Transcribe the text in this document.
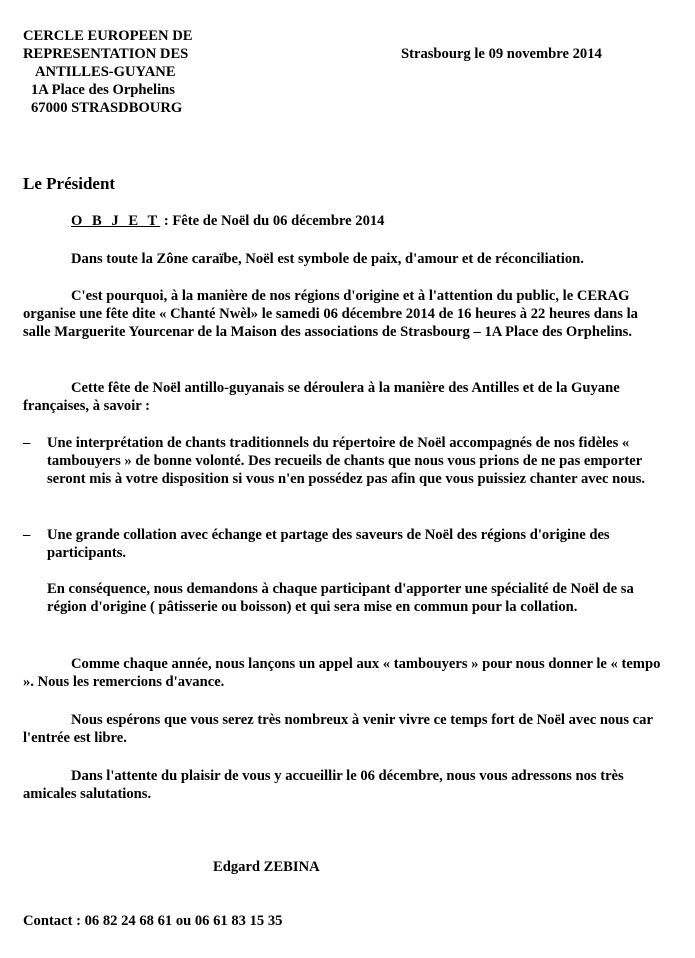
CERCLE EUROPEEN DE
REPRESENTATION DES
ANTILLES-GUYANE
1A Place des Orphelins
67000 STRASDBOURG
Strasbourg le 09 novembre 2014
Le Président
O B J E T : Fête de Noël du 06 décembre 2014
Dans toute la Zône caraïbe, Noël est symbole de paix, d'amour et de réconciliation.
C'est pourquoi, à la manière de nos régions d'origine et à l'attention du public, le CERAG organise une fête dite « Chanté Nwèl» le samedi 06 décembre 2014 de 16 heures à 22 heures dans la salle Marguerite Yourcenar de la Maison des associations de Strasbourg – 1A Place des Orphelins.
Cette fête de Noël antillo-guyanais se déroulera à la manière des Antilles et de la Guyane françaises, à savoir :
– Une interprétation de chants traditionnels du répertoire de Noël accompagnés de nos fidèles « tambouyers » de bonne volonté. Des recueils de chants que nous vous prions de ne pas emporter seront mis à votre disposition si vous n'en possédez pas afin que vous puissiez chanter avec nous.
– Une grande collation avec échange et partage des saveurs de Noël des régions d'origine des participants.
En conséquence, nous demandons à chaque participant d'apporter une spécialité de Noël de sa région d'origine ( pâtisserie ou boisson) et qui sera mise en commun pour la collation.
Comme chaque année, nous lançons un appel aux « tambouyers » pour nous donner le « tempo ». Nous les remercions d'avance.
Nous espérons que vous serez très nombreux à venir vivre ce temps fort de Noël avec nous car l'entrée est libre.
Dans l'attente du plaisir de vous y accueillir le 06 décembre, nous vous adressons nos très amicales salutations.
Edgard ZEBINA
Contact : 06 82 24 68 61 ou 06 61 83 15 35
